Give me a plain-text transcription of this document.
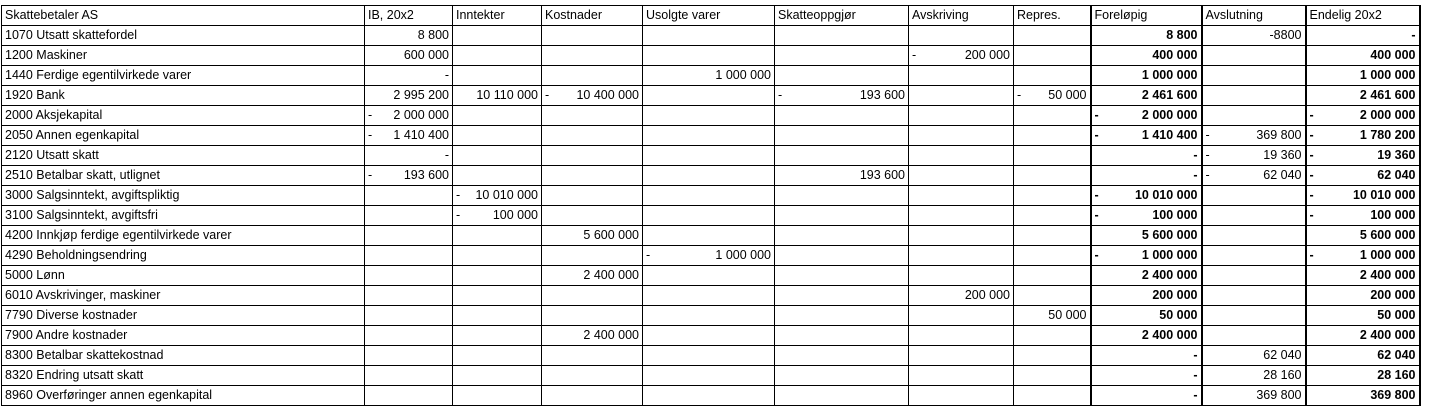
Skattebetaler AS	IB, 20x2	Inntekter	Kostnader	Usolgte varer	Skatteoppgjør	Avskriving	Repres.	Foreløpig	Avslutning	Endelig 20x2
1070 Utsatt skattefordel	8 800							8 800	-8800	-
1200 Maskiner	600 000					- 200 000		400 000		400 000
1440 Ferdige egentilvirkede varer	-			1 000 000				1 000 000		1 000 000
1920 Bank	2 995 200	10 110 000	- 10 400 000		- 193 600		- 50 000	2 461 600		2 461 600
2000 Aksjekapital	- 2 000 000							- 2 000 000		- 2 000 000
2050 Annen egenkapital	- 1 410 400							- 1 410 400	- 369 800	- 1 780 200
2120 Utsatt skatt	-							-	- 19 360	- 19 360
2510 Betalbar skatt, utlignet	- 193 600				193 600			-	- 62 040	- 62 040
3000 Salgsinntekt, avgiftspliktig		- 10 010 000						- 10 010 000		- 10 010 000
3100 Salgsinntekt, avgiftsfri		- 100 000						- 100 000		- 100 000
4200 Innkjøp ferdige egentilvirkede varer			5 600 000					5 600 000		5 600 000
4290 Beholdningsendring				- 1 000 000				- 1 000 000		- 1 000 000
5000 Lønn			2 400 000					2 400 000		2 400 000
6010 Avskrivinger, maskiner						200 000		200 000		200 000
7790 Diverse kostnader							50 000	50 000		50 000
7900 Andre kostnader			2 400 000					2 400 000		2 400 000
8300 Betalbar skattekostnad								-	62 040	62 040
8320 Endring utsatt skatt								-	28 160	28 160
8960 Overføringer annen egenkapital								-	369 800	369 800
